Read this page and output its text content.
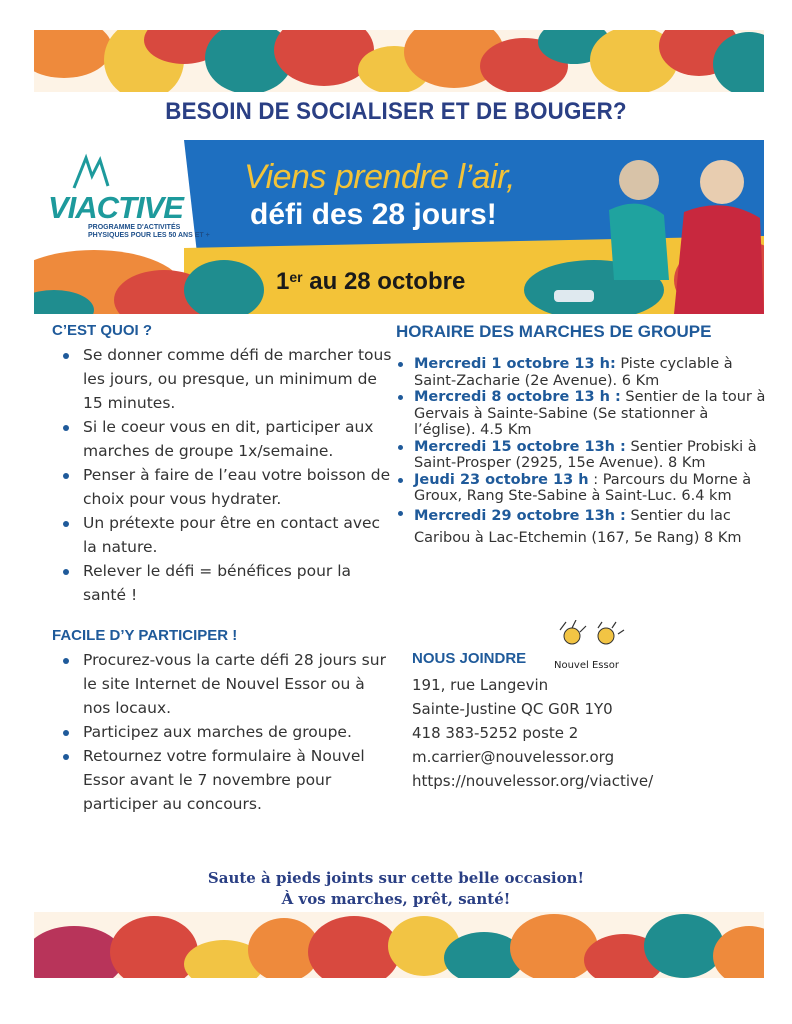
BESOIN DE SOCIALISER ET DE BOUGER?
VIACTIVE
PROGRAMME D'ACTIVITÉS PHYSIQUES POUR LES 50 ANS ET +
Viens prendre l’air,
défi des 28 jours!
1er au 28 octobre
C’EST QUOI ?
Se donner comme défi de marcher tous les jours, ou presque, un minimum de 15 minutes.
Si le coeur vous en dit, participer aux marches de groupe 1x/semaine.
Penser à faire de l’eau votre boisson de choix pour vous hydrater.
Un prétexte pour être en contact avec la nature.
Relever le défi = bénéfices pour la santé !
FACILE D’Y PARTICIPER !
Procurez-vous la carte défi 28 jours sur le site Internet de Nouvel Essor ou à nos locaux.
Participez aux marches de groupe.
Retournez votre formulaire à Nouvel Essor avant le 7 novembre pour participer au concours.
HORAIRE DES MARCHES DE GROUPE
Mercredi 1 octobre 13 h: Piste cyclable à Saint-Zacharie (2e Avenue). 6 Km
Mercredi 8 octobre 13 h : Sentier de la tour à Gervais à Sainte-Sabine (Se stationner à l’église). 4.5 Km
Mercredi 15 octobre 13h : Sentier Probiski à Saint-Prosper (2925, 15e Avenue). 8 Km
Jeudi 23 octobre 13 h : Parcours du Morne à Groux, Rang Ste-Sabine à Saint-Luc. 6.4 km
Mercredi 29 octobre 13h : Sentier du lac Caribou à Lac-Etchemin (167, 5e Rang) 8 Km
Nouvel Essor
NOUS JOINDRE
191, rue Langevin
Sainte-Justine QC G0R 1Y0
418 383-5252 poste 2
m.carrier@nouvelessor.org
https://nouvelessor.org/viactive/
Saute à pieds joints sur cette belle occasion!
À vos marches, prêt, santé!
